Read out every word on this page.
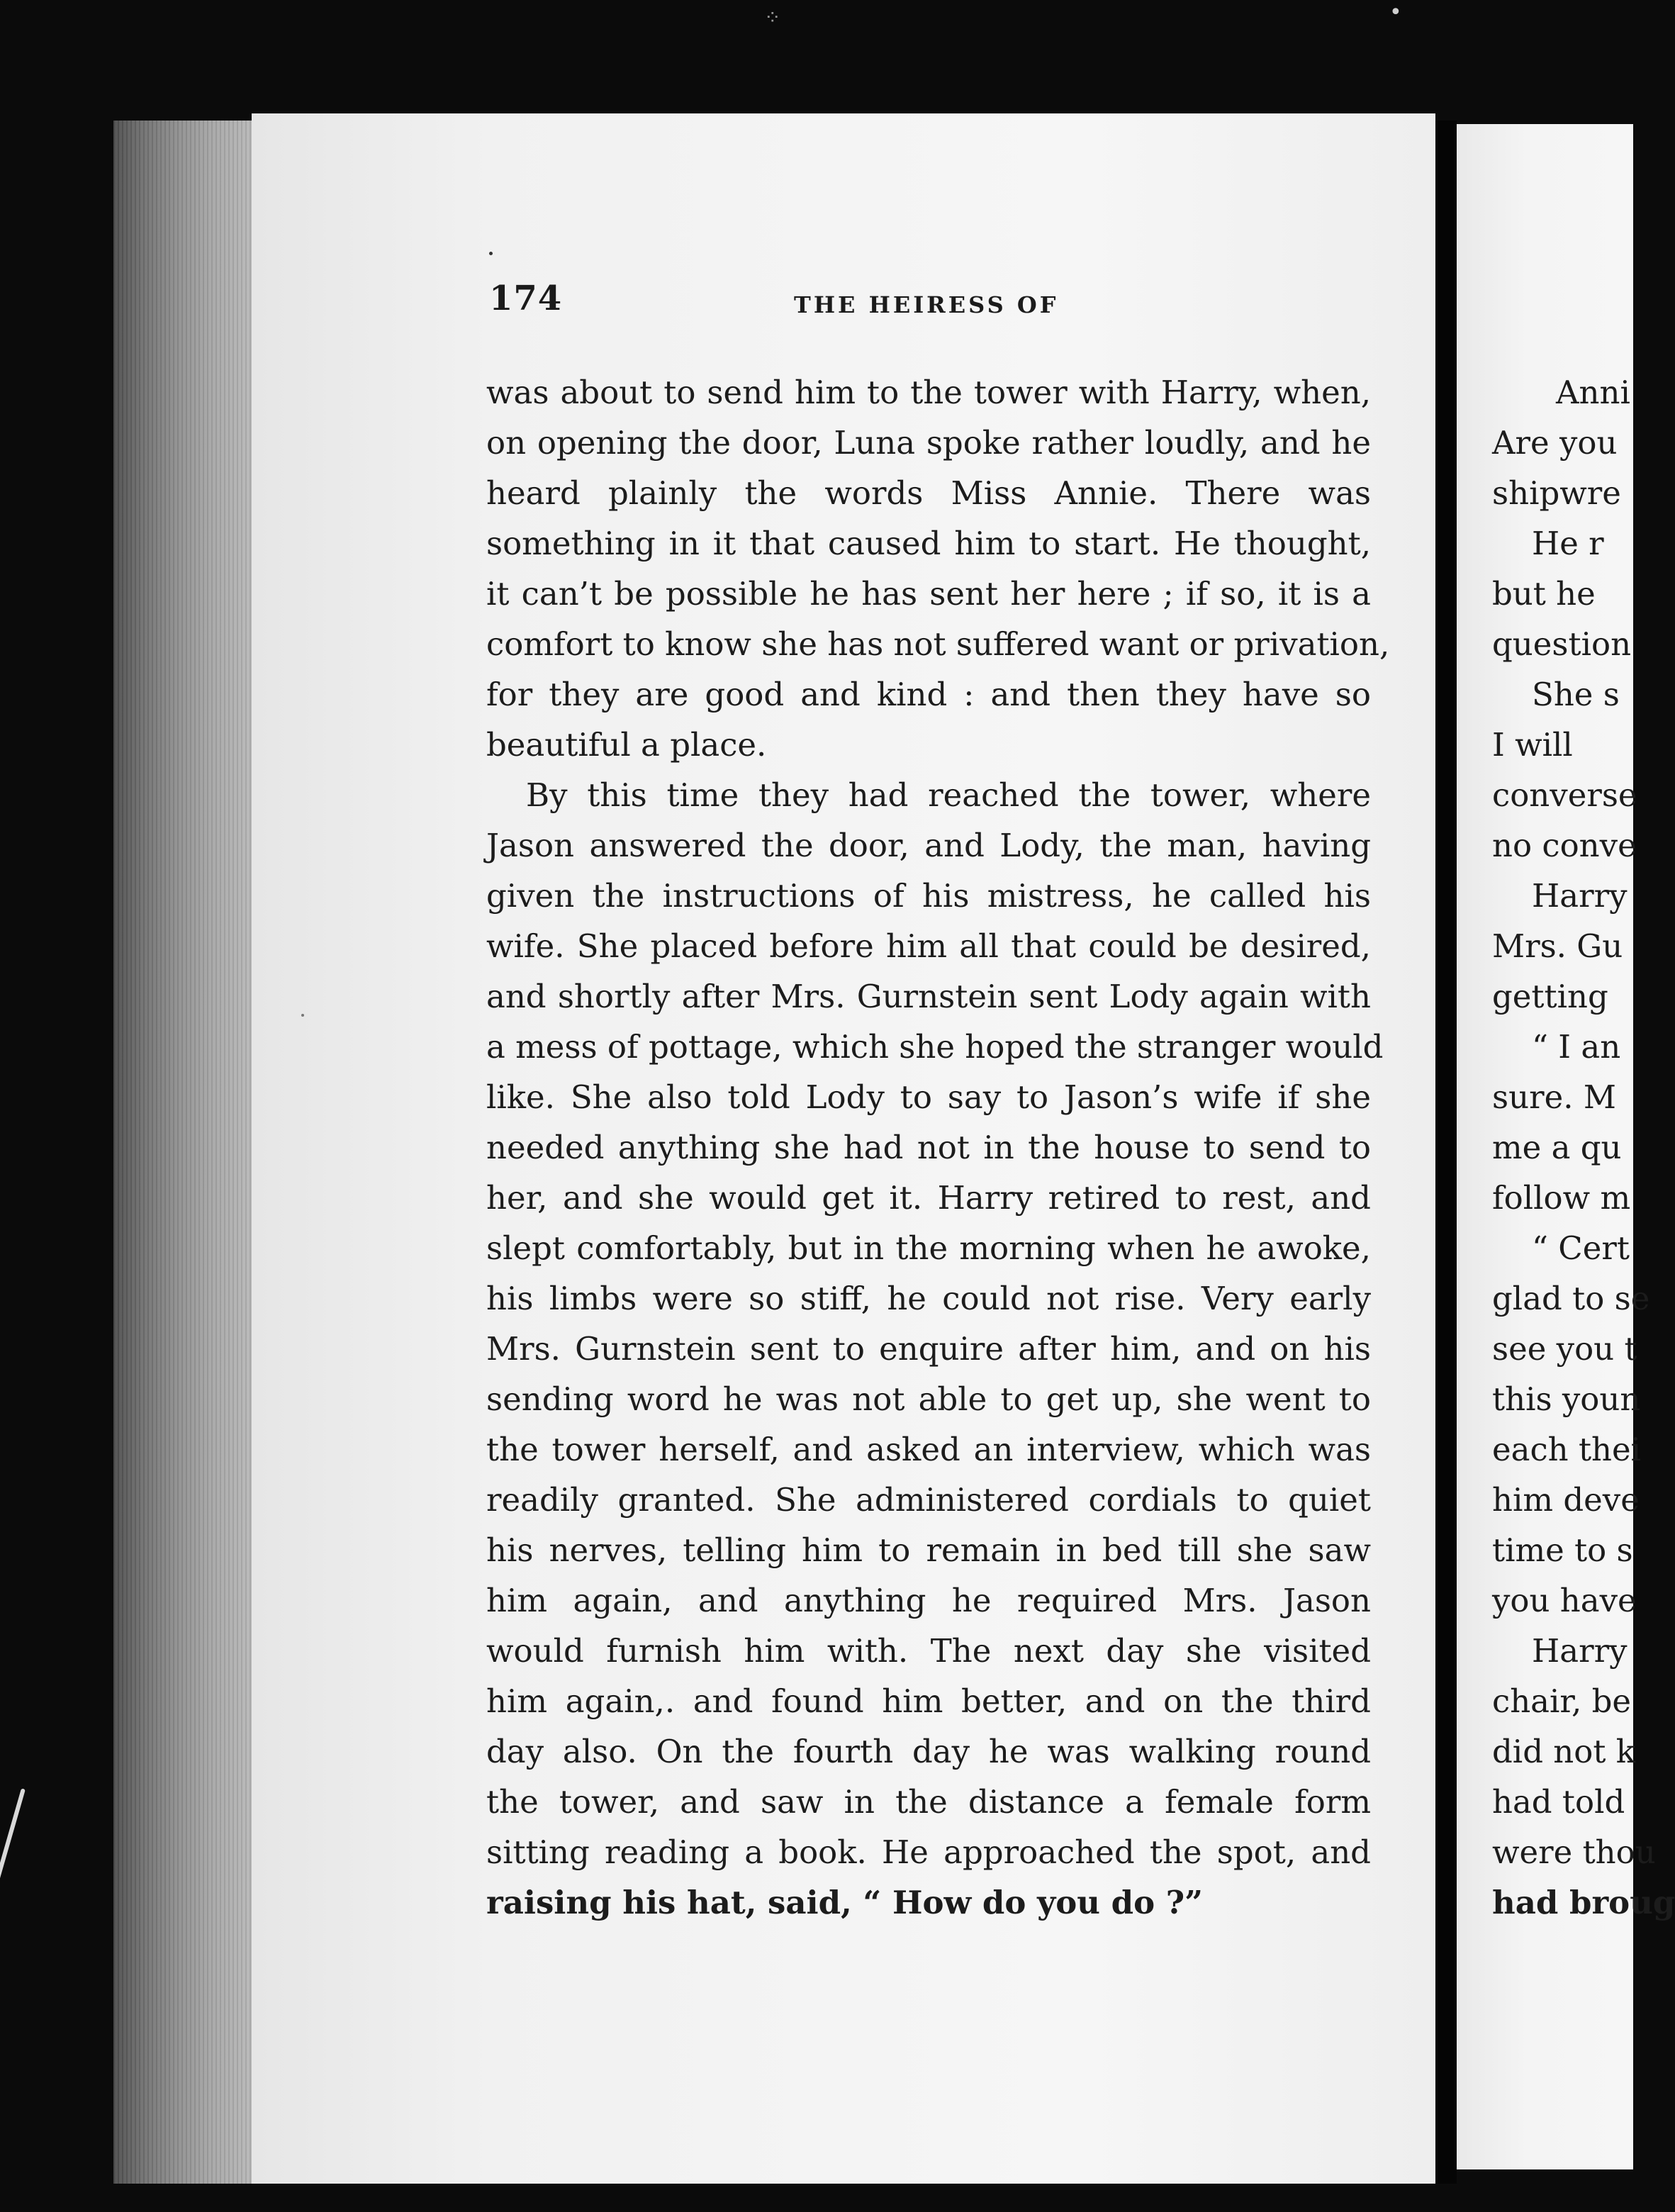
⁘	•
174	THE HEIRESS OF
was about to send him to the tower with Harry, when,
on opening the door, Luna spoke rather loudly, and he
heard plainly the words Miss Annie. There was
something in it that caused him to start. He thought,
it can’t be possible he has sent her here ; if so, it is a
comfort to know she has not suffered want or privation,
for they are good and kind : and then they have so
beautiful a place.
By this time they had reached the tower, where
Jason answered the door, and Lody, the man, having
given the instructions of his mistress, he called his
wife. She placed before him all that could be desired,
and shortly after Mrs. Gurnstein sent Lody again with
a mess of pottage, which she hoped the stranger would
like. She also told Lody to say to Jason’s wife if she
needed anything she had not in the house to send to
her, and she would get it. Harry retired to rest, and
slept comfortably, but in the morning when he awoke,
his limbs were so stiff, he could not rise. Very early
Mrs. Gurnstein sent to enquire after him, and on his
sending word he was not able to get up, she went to
the tower herself, and asked an interview, which was
readily granted. She administered cordials to quiet
his nerves, telling him to remain in bed till she saw
him again, and anything he required Mrs. Jason
would furnish him with. The next day she visited
him again,. and found him better, and on the third
day also. On the fourth day he was walking round
the tower, and saw in the distance a female form
sitting reading a book. He approached the spot, and
raising his hat, said, “ How do you do ?”
Anni
Are you
shipwre
He r
but he
question
She s
I will
converse
no conve
Harry
Mrs. Gu
getting
“ I an
sure. M
me a qu
follow m
“ Cert
glad to se
see you t
this youn
each thei
him deve
time to s
you have
Harry
chair, be
did not k
had told
were thou
had broug
